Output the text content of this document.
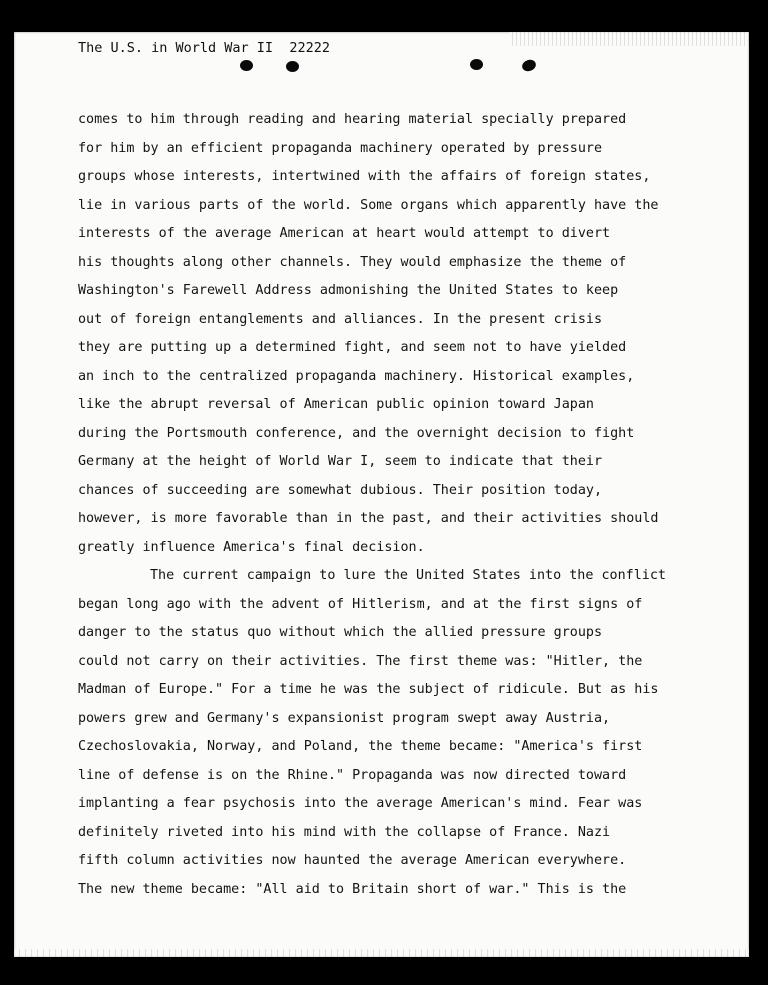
The U.S. in World War II  22222
comes to him through reading and hearing material specially prepared
for him by an efficient propaganda machinery operated by pressure
groups whose interests, intertwined with the affairs of foreign states,
lie in various parts of the world. Some organs which apparently have the
interests of the average American at heart would attempt to divert
his thoughts along other channels. They would emphasize the theme of
Washington's Farewell Address admonishing the United States to keep
out of foreign entanglements and alliances. In the present crisis
they are putting up a determined fight, and seem not to have yielded
an inch to the centralized propaganda machinery. Historical examples,
like the abrupt reversal of American public opinion toward Japan
during the Portsmouth conference, and the overnight decision to fight
Germany at the height of World War I, seem to indicate that their
chances of succeeding are somewhat dubious. Their position today,
however, is more favorable than in the past, and their activities should
greatly influence America's final decision.
The current campaign to lure the United States into the conflict
began long ago with the advent of Hitlerism, and at the first signs of
danger to the status quo without which the allied pressure groups
could not carry on their activities. The first theme was: "Hitler, the
Madman of Europe." For a time he was the subject of ridicule. But as his
powers grew and Germany's expansionist program swept away Austria,
Czechoslovakia, Norway, and Poland, the theme became: "America's first
line of defense is on the Rhine." Propaganda was now directed toward
implanting a fear psychosis into the average American's mind. Fear was
definitely riveted into his mind with the collapse of France. Nazi
fifth column activities now haunted the average American everywhere.
The new theme became: "All aid to Britain short of war." This is the
